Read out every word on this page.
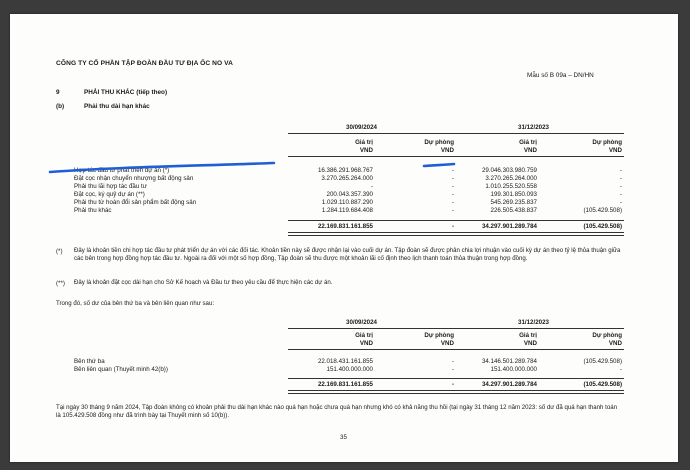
CÔNG TY CỔ PHẦN TẬP ĐOÀN ĐẦU TƯ ĐỊA ỐC NO VA
Mẫu số B 09a – DN/HN
9	PHẢI THU KHÁC (tiếp theo)
(b)	Phải thu dài hạn khác
30/09/2024	31/12/2023
Giá trị
VND
Dự phòng
VND
Giá trị
VND
Dự phòng
VND
Hợp tác đầu tư phát triển dự án (*)	16.386.291.968.767	-	29.046.303.980.759	-
Đặt cọc nhận chuyển nhượng bất động sản	3.270.265.264.000	-	3.270.265.264.000	-
Phải thu lãi hợp tác đầu tư	-	-	1.010.255.520.558	-
Đặt cọc, ký quỹ dự án (**)	200.043.357.390	-	199.301.850.093	-
Phải thu từ hoàn đổi sản phẩm bất động sản	1.029.110.887.290	-	545.269.235.837	-
Phải thu khác	1.284.119.684.408	-	226.505.438.837	(105.429.508)
22.169.831.161.855	-	34.297.901.289.784	(105.429.508)
(*) Đây là khoản tiền chi hợp tác đầu tư phát triển dự án với các đối tác. Khoản tiền này sẽ được nhận lại vào cuối dự án. Tập đoàn sẽ được phân chia lợi nhuận vào cuối kỳ dự án theo tỷ lệ thỏa thuận giữa các bên trong hợp đồng hợp tác đầu tư. Ngoài ra đối với một số hợp đồng, Tập đoàn sẽ thu được một khoản lãi cố định theo lịch thanh toán thỏa thuận trong hợp đồng.
(**) Đây là khoản đặt cọc dài hạn cho Sở Kế hoạch và Đầu tư theo yêu cầu để thực hiện các dự án.
Trong đó, số dư của bên thứ ba và bên liên quan như sau:
30/09/2024	31/12/2023
Giá trị
VND
Dự phòng
VND
Giá trị
VND
Dự phòng
VND
Bên thứ ba	22.018.431.161.855	-	34.146.501.289.784	(105.429.508)
Bên liên quan (Thuyết minh 42(b))	151.400.000.000	-	151.400.000.000	-
22.169.831.161.855	-	34.297.901.289.784	(105.429.508)
Tại ngày 30 tháng 9 năm 2024, Tập đoàn không có khoản phải thu dài hạn khác nào quá hạn hoặc chưa quá hạn nhưng khó có khả năng thu hồi (tại ngày 31 tháng 12 năm 2023: số dư đã quá hạn thanh toán là 105.429.508 đồng như đã trình bày tại Thuyết minh số 10(b)).
35
